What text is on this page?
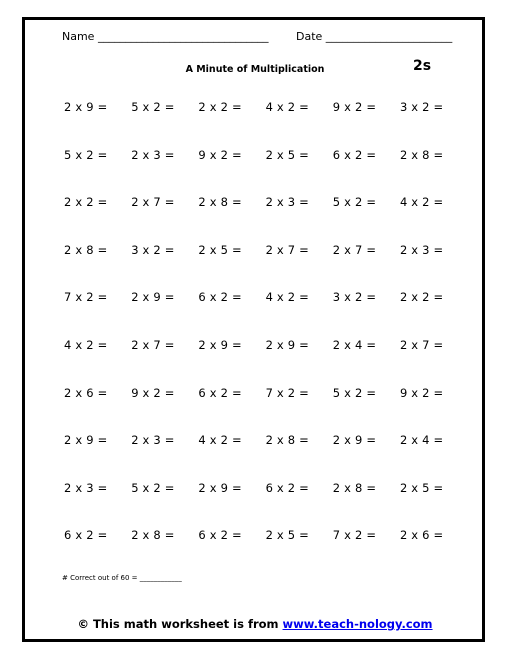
Name _______________________________	Date _______________________
A Minute of Multiplication	2s
2 x 9 =	5 x 2 =	2 x 2 =	4 x 2 =	9 x 2 =	3 x 2 =
5 x 2 =	2 x 3 =	9 x 2 =	2 x 5 =	6 x 2 =	2 x 8 =
2 x 2 =	2 x 7 =	2 x 8 =	2 x 3 =	5 x 2 =	4 x 2 =
2 x 8 =	3 x 2 =	2 x 5 =	2 x 7 =	2 x 7 =	2 x 3 =
7 x 2 =	2 x 9 =	6 x 2 =	4 x 2 =	3 x 2 =	2 x 2 =
4 x 2 =	2 x 7 =	2 x 9 =	2 x 9 =	2 x 4 =	2 x 7 =
2 x 6 =	9 x 2 =	6 x 2 =	7 x 2 =	5 x 2 =	9 x 2 =
2 x 9 =	2 x 3 =	4 x 2 =	2 x 8 =	2 x 9 =	2 x 4 =
2 x 3 =	5 x 2 =	2 x 9 =	6 x 2 =	2 x 8 =	2 x 5 =
6 x 2 =	2 x 8 =	6 x 2 =	2 x 5 =	7 x 2 =	2 x 6 =
# Correct out of 60 = ____________
© This math worksheet is from www.teach-nology.com
